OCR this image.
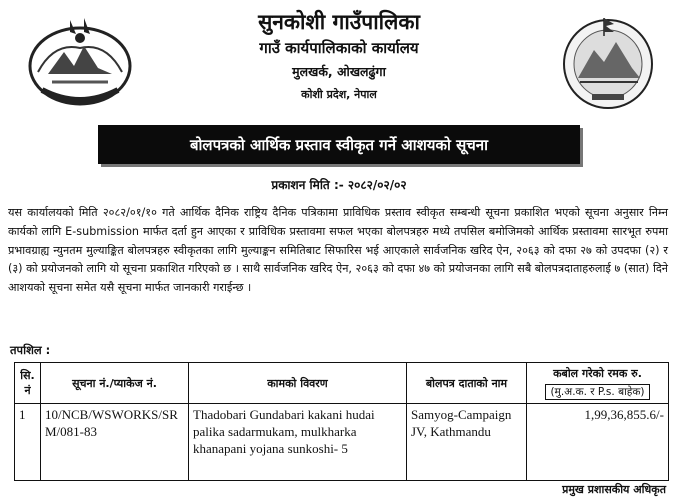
सुनकोशी गाउँपालिका
गाउँ कार्यपालिकाको कार्यालय
मुलखर्क, ओखलढुंगा
कोशी प्रदेश, नेपाल
बोलपत्रको आर्थिक प्रस्ताव स्वीकृत गर्ने आशयको सूचना
प्रकाशन मिति :- २०८२/०२/०२
यस कार्यालयको मिति २०८२/०१/१० गते आर्थिक दैनिक राष्ट्रिय दैनिक पत्रिकामा प्राविधिक प्रस्ताव स्वीकृत सम्बन्धी सूचना प्रकाशित भएको सूचना अनुसार निम्न कार्यको लागि E-submission मार्फत दर्ता हुन आएका र प्राविधिक प्रस्तावमा सफल भएका बोलपत्रहरु मध्ये तपसिल बमोजिमको आर्थिक प्रस्तावमा सारभूत रुपमा प्रभावग्राह्य न्युनतम मुल्याङ्कित बोलपत्रहरु स्वीकृतका लागि मुल्याङ्कन समितिबाट सिफारिस भई आएकाले सार्वजनिक खरिद ऐन, २०६३ को दफा २७ को उपदफा (२) र (३) को प्रयोजनको लागि यो सूचना प्रकाशित गरिएको छ । साथै सार्वजनिक खरिद ऐन, २०६३ को दफा ४७ को प्रयोजनका लागि सबै बोलपत्रदाताहरुलाई ७ (सात) दिने आशयको सूचना समेत यसै सूचना मार्फत जानकारी गराईन्छ ।
तपशिल :
सि. नं	सूचना नं./प्याकेज नं.	कामको विवरण	बोलपत्र दाताको नाम	कबोल गरेको रमक रु.
(मु.अ.क. र P.s. बाहेक)
1	10/NCB/WSWORKS/SRM/081-83	Thadobari Gundabari kakani hudai palika sadarmukam, mulkharka khanapani yojana sunkoshi- 5	Samyog-Campaign JV, Kathmandu	1,99,36,855.6/-
प्रमुख प्रशासकीय अधिकृत
